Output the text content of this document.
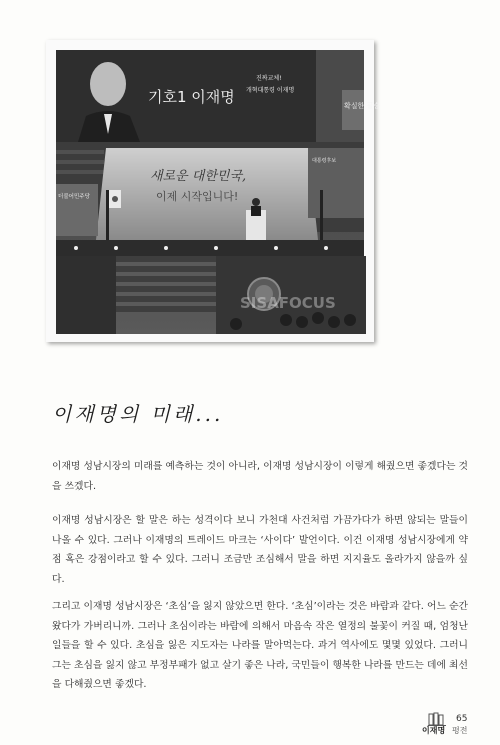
기호1 이재명
진짜교체!
개혁대통령 이재명
확실한 필승
새로운 대한민국,
이제 시작입니다!
대통령후보
더불어민주당
SISAFOCUS
이재명의 미래...

이재명 성남시장의 미래를 예측하는 것이 아니라, 이재명 성남시장이 이렇게 해줬으면 좋겠다는 것을 쓰겠다.

이재명 성남시장은 할 말은 하는 성격이다 보니 가천대 사건처럼 가끔가다가 하면 않되는 말들이 나올 수 있다. 그러나 이재명의 트레이드 마크는 ‘사이다’ 발언이다. 이건 이재명 성남시장에게 약점 혹은 강점이라고 할 수 있다. 그러니 조금만 조심해서 말을 하면 지지율도 올라가지 않을까 싶다.

그리고 이재명 성남시장은 ‘초심’을 잃지 않았으면 한다. ‘초심’이라는 것은 바람과 같다. 어느 순간 왔다가 가버리니까. 그러나 초심이라는 바람에 의해서 마음속 작은 열정의 불꽃이 커질 때, 엄청난 일들을 할 수 있다. 초심을 잃은 지도자는 나라를 말아먹는다. 과거 역사에도 몇몇 있었다. 그러니 그는 초심을 잃지 않고 부정부패가 없고 살기 좋은 나라, 국민들이 행복한 나라를 만드는 데에 최선을 다해줬으면 좋겠다.

65
이재명 평전
